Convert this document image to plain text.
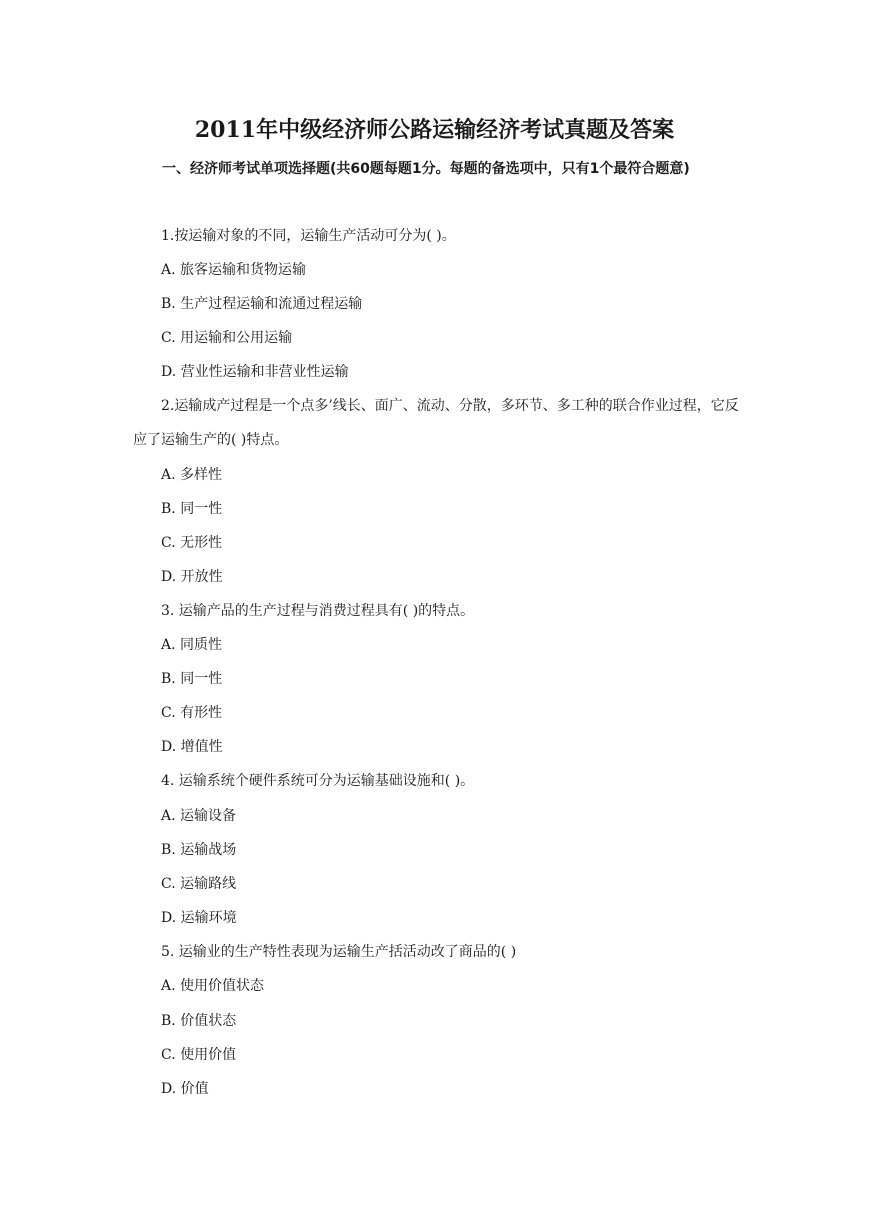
2011年中级经济师公路运输经济考试真题及答案
一、经济师考试单项选择题(共60题每题1分。每题的备选项中，只有1个最符合题意)
1.按运输对象的不同，运输生产活动可分为( )。
A. 旅客运输和货物运输
B. 生产过程运输和流通过程运输
C. 用运输和公用运输
D. 营业性运输和非营业性运输
2.运输成产过程是一个点多’线长、面广、流动、分散，多环节、多工种的联合作业过程，它反应了运输生产的( )特点。
A. 多样性
B. 同一性
C. 无形性
D. 开放性
3. 运输产品的生产过程与消费过程具有( )的特点。
A. 同质性
B. 同一性
C. 有形性
D. 增值性
4. 运输系统个硬件系统可分为运输基础设施和( )。
A. 运输设备
B. 运输战场
C. 运输路线
D. 运输环境
5. 运输业的生产特性表现为运输生产括活动改了商品的( )
A. 使用价值状态
B. 价值状态
C. 使用价值
D. 价值
